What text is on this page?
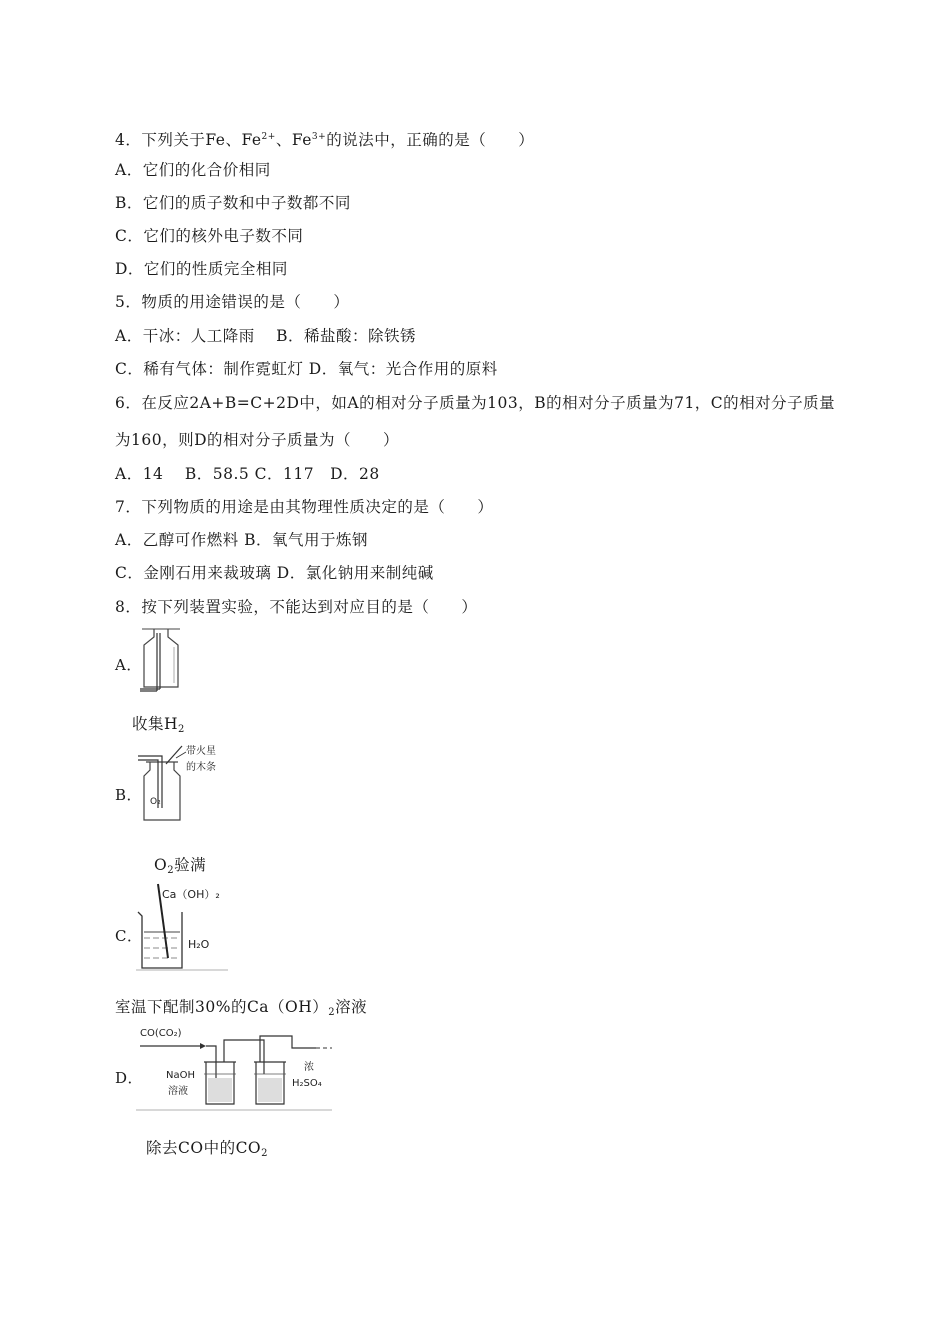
4．下列关于Fe、$Fe^{2+}$、$Fe^{3+}$的说法中，正确的是（　　）
A．它们的化合价相同
B．它们的质子数和中子数都不同
C．它们的核外电子数不同
D．它们的性质完全相同
5．物质的用途错误的是（　　）
A．干冰：人工降雨　 B．稀盐酸：除铁锈
C．稀有气体：制作霓虹灯 D．氧气：光合作用的原料
6．在反应2A+B=C+2D中，如A的相对分子质量为103，B的相对分子质量为71，C的相对分子质量
为160，则D的相对分子质量为（　　）
A．14　 B．58.5 C．117　D．28
7．下列物质的用途是由其物理性质决定的是（　　）
A．乙醇可作燃料 B．氧气用于炼钢
C．金刚石用来裁玻璃 D．氯化钠用来制纯碱
8．按下列装置实验，不能达到对应目的是（　　）
A．
收集$H_2$
B． O₂
带火星
的木条
$O_2$验满
C．
Ca（OH）₂
H₂O
室温下配制30%的$Ca(OH)_2$溶液
D．
CO(CO₂)
NaOH
溶液
浓
H₂SO₄
除去CO中的$CO_2$
